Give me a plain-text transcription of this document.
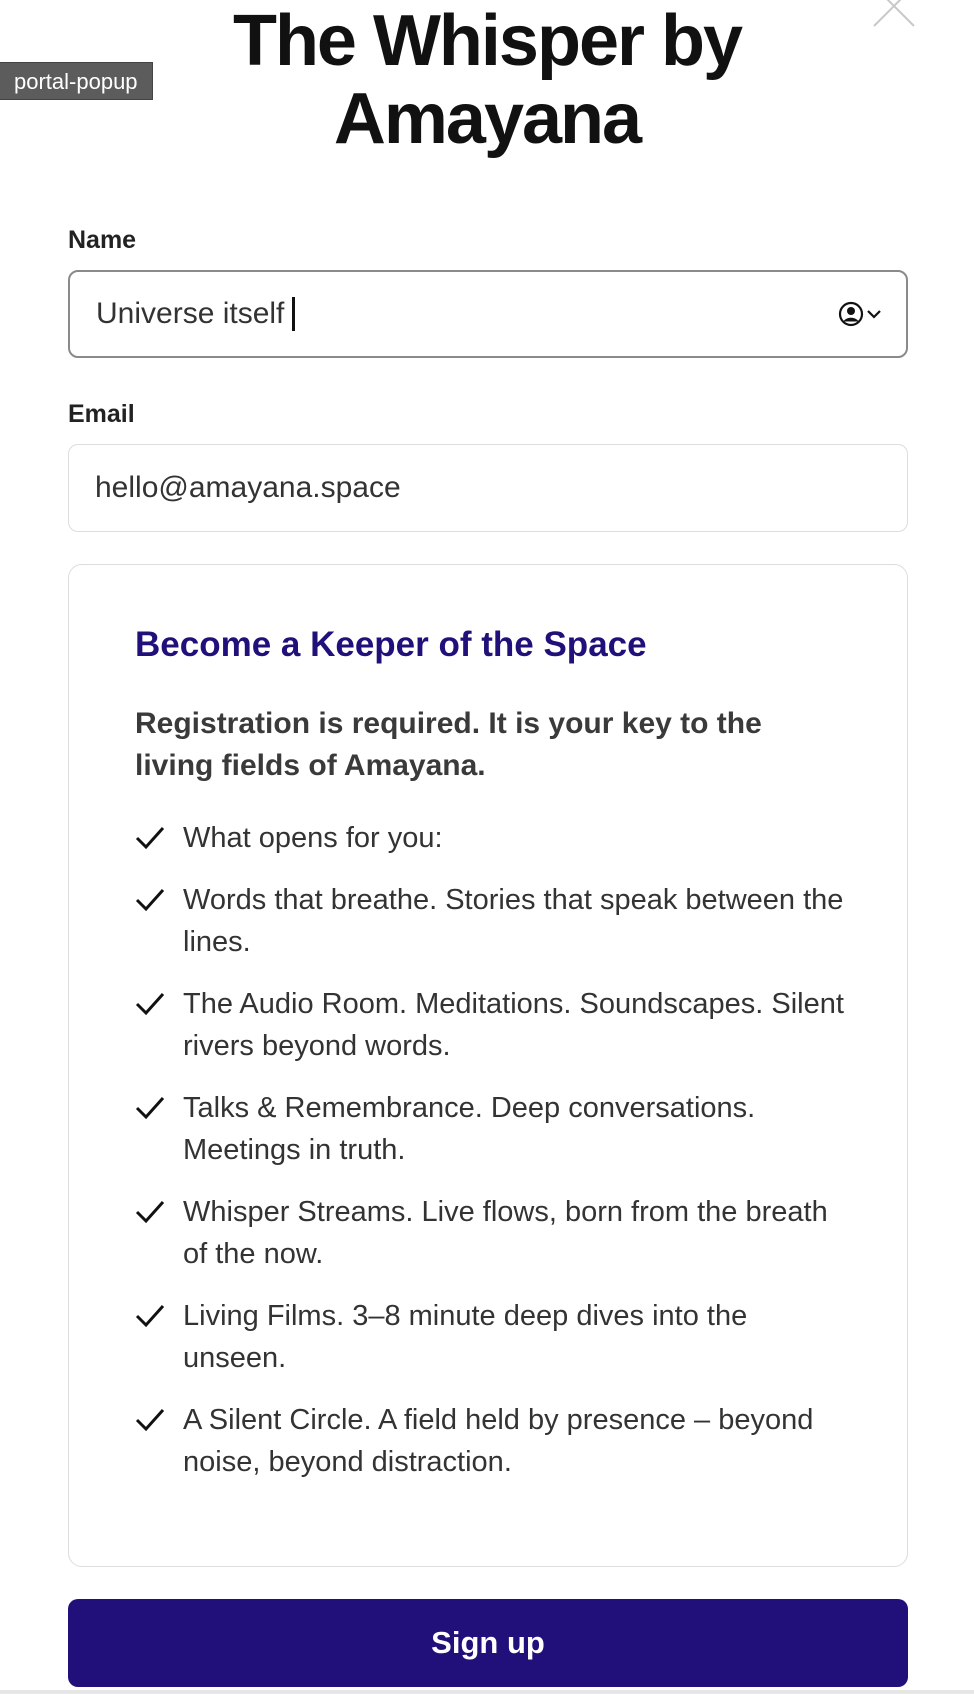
The Whisper by Amayana
portal-popup
Name
Universe itself
Email
hello@amayana.space
Become a Keeper of the Space

Registration is required. It is your key to the living fields of Amayana.

What opens for you:
Words that breathe. Stories that speak between the lines.
The Audio Room. Meditations. Soundscapes. Silent rivers beyond words.
Talks & Remembrance. Deep conversations. Meetings in truth.
Whisper Streams. Live flows, born from the breath of the now.
Living Films. 3–8 minute deep dives into the unseen.
A Silent Circle. A field held by presence – beyond noise, beyond distraction.
Sign up
